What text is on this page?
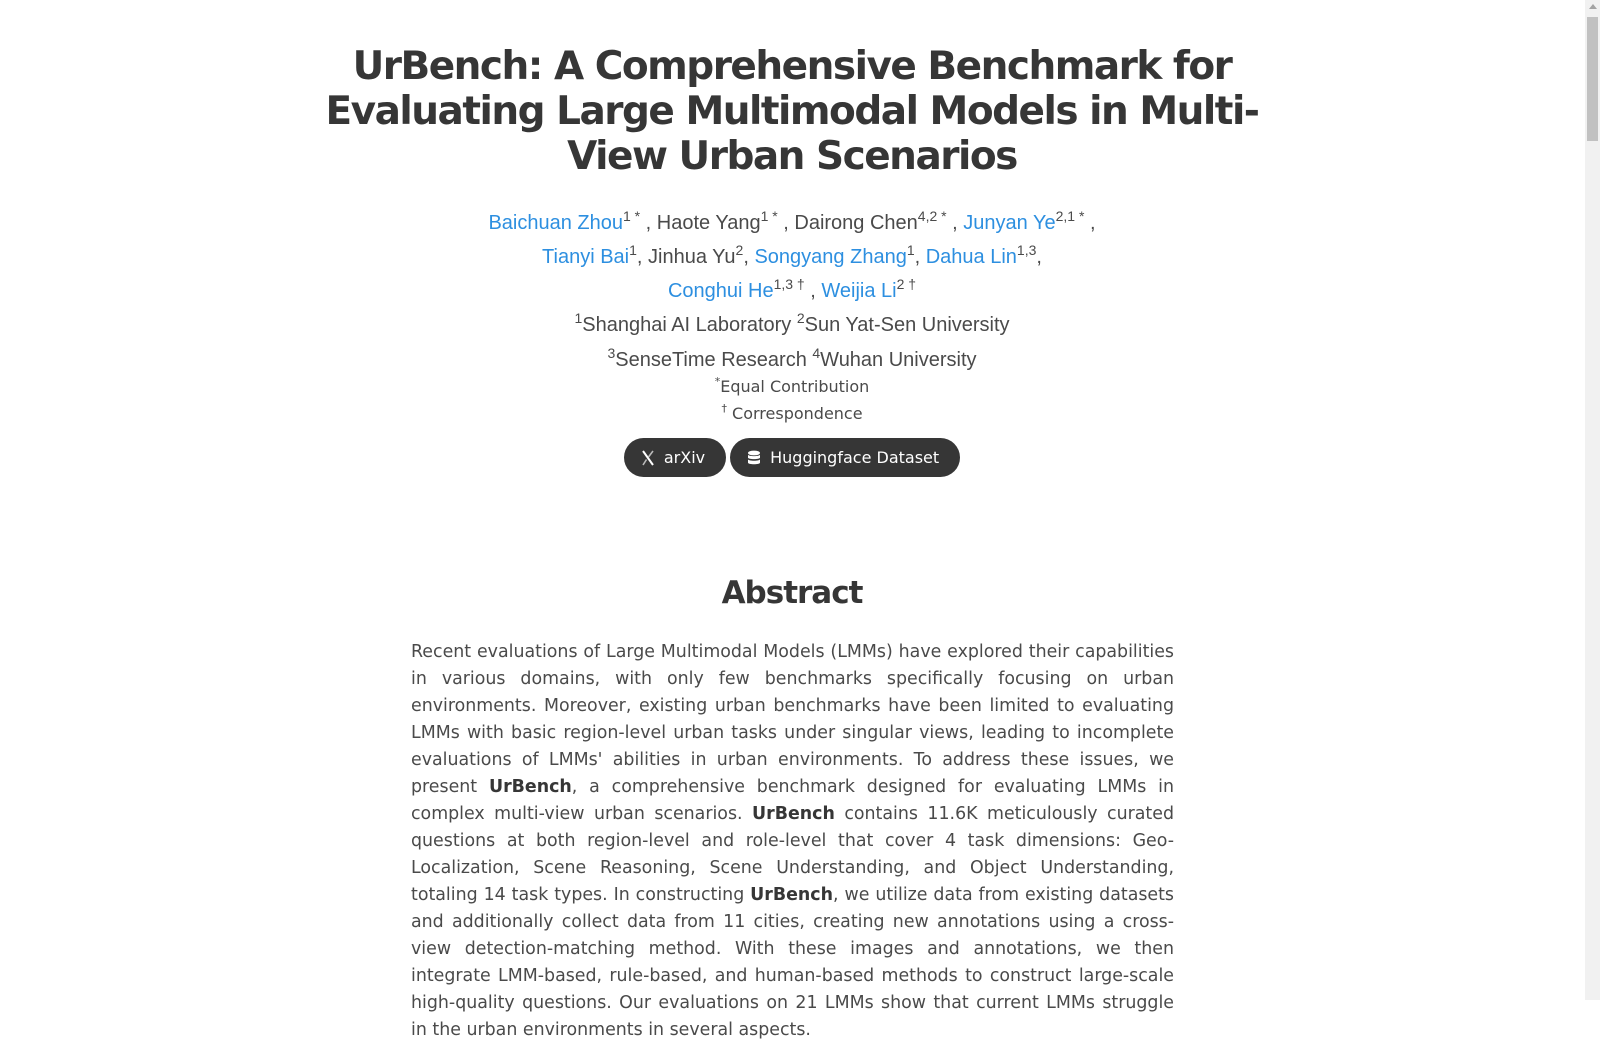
UrBench: A Comprehensive Benchmark for Evaluating Large Multimodal Models in Multi-View Urban Scenarios
Baichuan Zhou$^{1 *}$ , Haote Yang$^{1 *}$ , Dairong Chen$^{4,2 *}$ , Junyan $Ye^{2,1 *}$ ,
Tianyi Bai$^1$, Jinhua Yu$^2$, Songyang Zhang$^1$, Dahua Lin$^{1,3}$,
Conghui $He^{1,3 \dagger}$ , Weijia $Li^{2 \dagger}$
$^1$Shanghai AI Laboratory $^2$Sun Yat-Sen University
$^3$SenseTime Research $^4$Wuhan University
*Equal Contribution
† Correspondence
arXiv
	Huggingface Dataset
Abstract

Recent evaluations of Large Multimodal Models (LMMs) have explored their capabilities in various domains, with only few benchmarks specifically focusing on urban environments. Moreover, existing urban benchmarks have been limited to evaluating LMMs with basic region-level urban tasks under singular views, leading to incomplete evaluations of LMMs' abilities in urban environments. To address these issues, we present UrBench, a comprehensive benchmark designed for evaluating LMMs in complex multi-view urban scenarios. UrBench contains 11.6K meticulously curated questions at both region-level and role-level that cover 4 task dimensions: Geo-Localization, Scene Reasoning, Scene Understanding, and Object Understanding, totaling 14 task types. In constructing UrBench, we utilize data from existing datasets and additionally collect data from 11 cities, creating new annotations using a cross-view detection-matching method. With these images and annotations, we then integrate LMM-based, rule-based, and human-based methods to construct large-scale high-quality questions. Our evaluations on 21 LMMs show that current LMMs struggle in the urban environments in several aspects.
